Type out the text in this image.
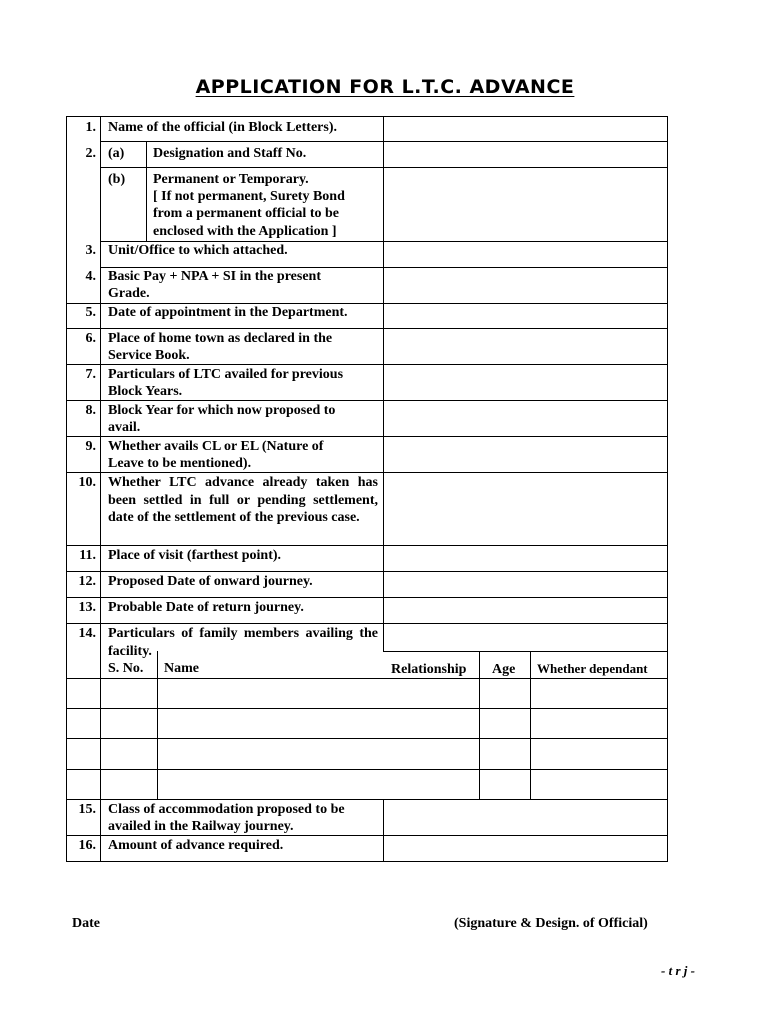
APPLICATION FOR L.T.C. ADVANCE
1. Name of the official (in Block Letters).
2. (a) Designation and Staff No.
(b) Permanent or Temporary.
[ If not permanent, Surety Bond
from a permanent official to be
enclosed with the Application ]
3. Unit/Office to which attached.
4. Basic Pay + NPA + SI in the present
Grade.
5. Date of appointment in the Department.
6. Place of home town as declared in the
Service Book.
7. Particulars of LTC availed for previous
Block Years.
8. Block Year for which now proposed to
avail.
9. Whether avails CL or EL (Nature of
Leave to be mentioned).
10. Whether LTC advance already taken has been settled in full or pending settlement, date of the settlement of the previous case.
11. Place of visit (farthest point).
12. Proposed Date of onward journey.
13. Probable Date of return journey.
14. Particulars of family members availing the facility.
S. No. Name	Relationship Age Whether dependant
15. Class of accommodation proposed to be
availed in the Railway journey.
16. Amount of advance required.
Date	(Signature & Design. of Official)
- t r j -
